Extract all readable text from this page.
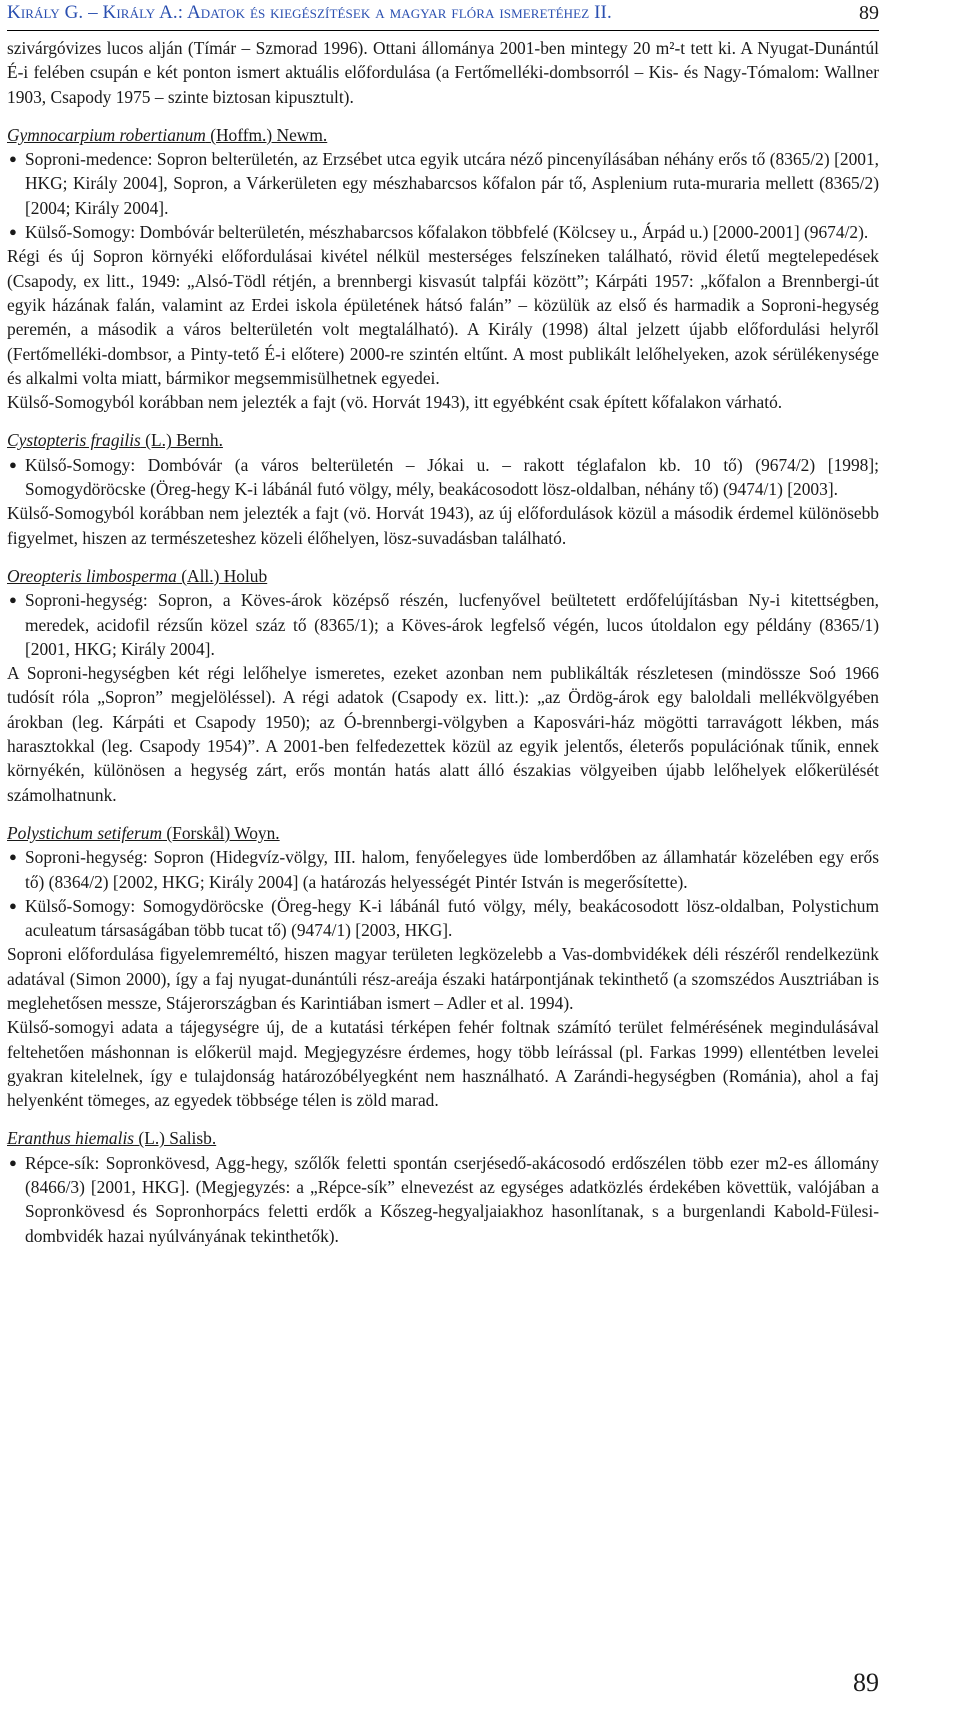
Király G. – Király A.: Adatok és kiegészítések a magyar flóra ismeretéhez II.	89

szivárgóvizes lucos alján (Tímár – Szmorad 1996). Ottani állománya 2001-ben mintegy 20 m²-t tett ki. A Nyugat-Dunántúl É-i felében csupán e két ponton ismert aktuális előfordulása (a Fertőmelléki-dombsorról – Kis- és Nagy-Tómalom: Wallner 1903, Csapody 1975 – szinte biztosan kipusztult).

Gymnocarpium robertianum (Hoffm.) Newm.

● Soproni-medence: Sopron belterületén, az Erzsébet utca egyik utcára néző pincenyílásában néhány erős tő (8365/2) [2001, HKG; Király 2004], Sopron, a Várkerületen egy mészhabarcsos kőfalon pár tő, Asplenium ruta-muraria mellett (8365/2) [2004; Király 2004].
● Külső-Somogy: Dombóvár belterületén, mészhabarcsos kőfalakon többfelé (Kölcsey u., Árpád u.) [2000-2001] (9674/2).

Régi és új Sopron környéki előfordulásai kivétel nélkül mesterséges felszíneken található, rövid életű megtelepedések (Csapody, ex litt., 1949: „Alsó-Tödl rétjén, a brennbergi kisvasút talpfái között”; Kárpáti 1957: „kőfalon a Brennbergi-út egyik házának falán, valamint az Erdei iskola épületének hátsó falán” – közülük az első és harmadik a Soproni-hegység peremén, a második a város belterületén volt megtalálható). A Király (1998) által jelzett újabb előfordulási helyről (Fertőmelléki-dombsor, a Pinty-tető É-i előtere) 2000-re szintén eltűnt. A most publikált lelőhelyeken, azok sérülékenysége és alkalmi volta miatt, bármikor megsemmisülhetnek egyedei.

Külső-Somogyból korábban nem jelezték a fajt (vö. Horvát 1943), itt egyébként csak épített kőfalakon várható.

Cystopteris fragilis (L.) Bernh.

● Külső-Somogy: Dombóvár (a város belterületén – Jókai u. – rakott téglafalon kb. 10 tő) (9674/2) [1998]; Somogydöröcske (Öreg-hegy K-i lábánál futó völgy, mély, beakácosodott lösz-oldalban, néhány tő) (9474/1) [2003].

Külső-Somogyból korábban nem jelezték a fajt (vö. Horvát 1943), az új előfordulások közül a második érdemel különösebb figyelmet, hiszen az természeteshez közeli élőhelyen, lösz-suvadásban található.

Oreopteris limbosperma (All.) Holub

● Soproni-hegység: Sopron, a Köves-árok középső részén, lucfenyővel beültetett erdőfelújításban Ny-i kitettségben, meredek, acidofil rézsűn közel száz tő (8365/1); a Köves-árok legfelső végén, lucos útoldalon egy példány (8365/1) [2001, HKG; Király 2004].

A Soproni-hegységben két régi lelőhelye ismeretes, ezeket azonban nem publikálták részletesen (mindössze Soó 1966 tudósít róla „Sopron” megjelöléssel). A régi adatok (Csapody ex. litt.): „az Ördög-árok egy baloldali mellékvölgyében árokban (leg. Kárpáti et Csapody 1950); az Ó-brennbergi-völgyben a Kaposvári-ház mögötti tarravágott lékben, más harasztokkal (leg. Csapody 1954)”. A 2001-ben felfedezettek közül az egyik jelentős, életerős populációnak tűnik, ennek környékén, különösen a hegység zárt, erős montán hatás alatt álló északias völgyeiben újabb lelőhelyek előkerülését számolhatnunk.

Polystichum setiferum (Forskål) Woyn.

● Soproni-hegység: Sopron (Hidegvíz-völgy, III. halom, fenyőelegyes üde lomberdőben az államhatár közelében egy erős tő) (8364/2) [2002, HKG; Király 2004] (a határozás helyességét Pintér István is megerősítette).
● Külső-Somogy: Somogydöröcske (Öreg-hegy K-i lábánál futó völgy, mély, beakácosodott lösz-oldalban, Polystichum aculeatum társaságában több tucat tő) (9474/1) [2003, HKG].

Soproni előfordulása figyelemreméltó, hiszen magyar területen legközelebb a Vas-dombvidékek déli részéről rendelkezünk adatával (Simon 2000), így a faj nyugat-dunántúli rész-areája északi határpontjának tekinthető (a szomszédos Ausztriában is meglehetősen messze, Stájerországban és Karintiában ismert – Adler et al. 1994).

Külső-somogyi adata a tájegységre új, de a kutatási térképen fehér foltnak számító terület felmérésének megindulásával feltehetően máshonnan is előkerül majd. Megjegyzésre érdemes, hogy több leírással (pl. Farkas 1999) ellentétben levelei gyakran kitelelnek, így e tulajdonság határozóbélyegként nem használható. A Zarándi-hegységben (Románia), ahol a faj helyenként tömeges, az egyedek többsége télen is zöld marad.

Eranthus hiemalis (L.) Salisb.

● Répce-sík: Sopronkövesd, Agg-hegy, szőlők feletti spontán cserjésedő-akácosodó erdőszélen több ezer m2-es állomány (8466/3) [2001, HKG]. (Megjegyzés: a „Répce-sík” elnevezést az egységes adatközlés érdekében követtük, valójában a Sopronkövesd és Sopronhorpács feletti erdők a Kőszeg-hegyaljaiakhoz hasonlítanak, s a burgenlandi Kabold-Fülesi-dombvidék hazai nyúlványának tekinthetők).
89
